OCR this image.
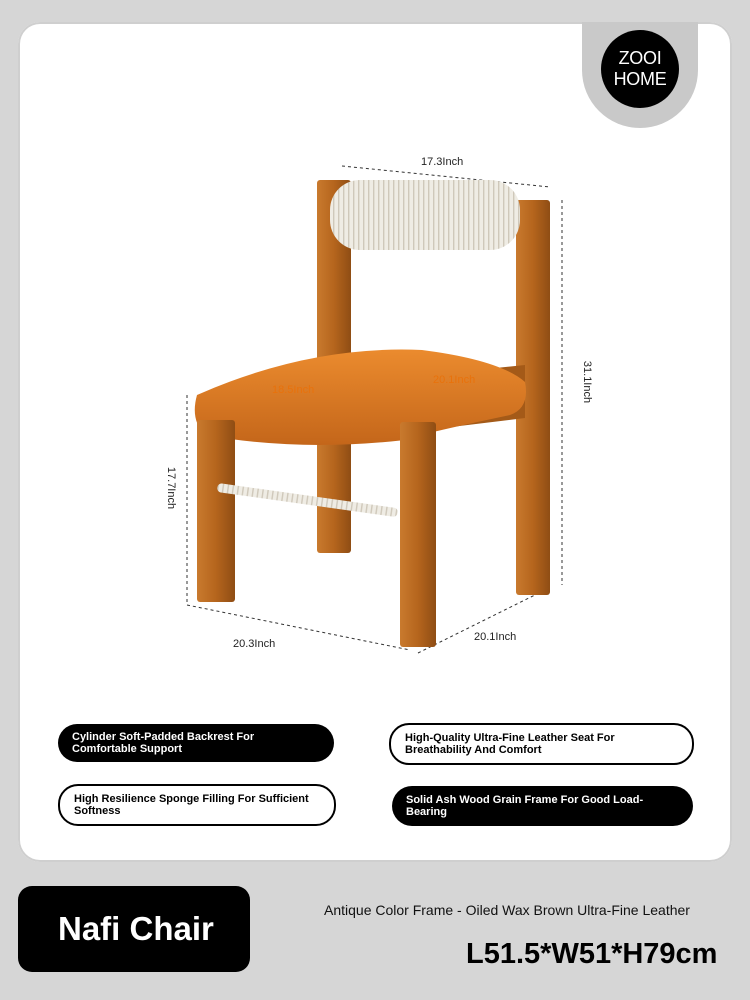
ZOOI
HOME
17.3Inch
31.1Inch
18.5Inch
20.1Inch
17.7Inch
20.3Inch
20.1Inch
Cylinder Soft-Padded Backrest For Comfortable Support
High-Quality Ultra-Fine Leather Seat For Breathability And Comfort
High Resilience Sponge Filling For Sufficient Softness
Solid Ash Wood Grain Frame For Good Load-Bearing
Nafi Chair	Antique Color Frame - Oiled Wax Brown Ultra-Fine Leather
L51.5*W51*H79cm
